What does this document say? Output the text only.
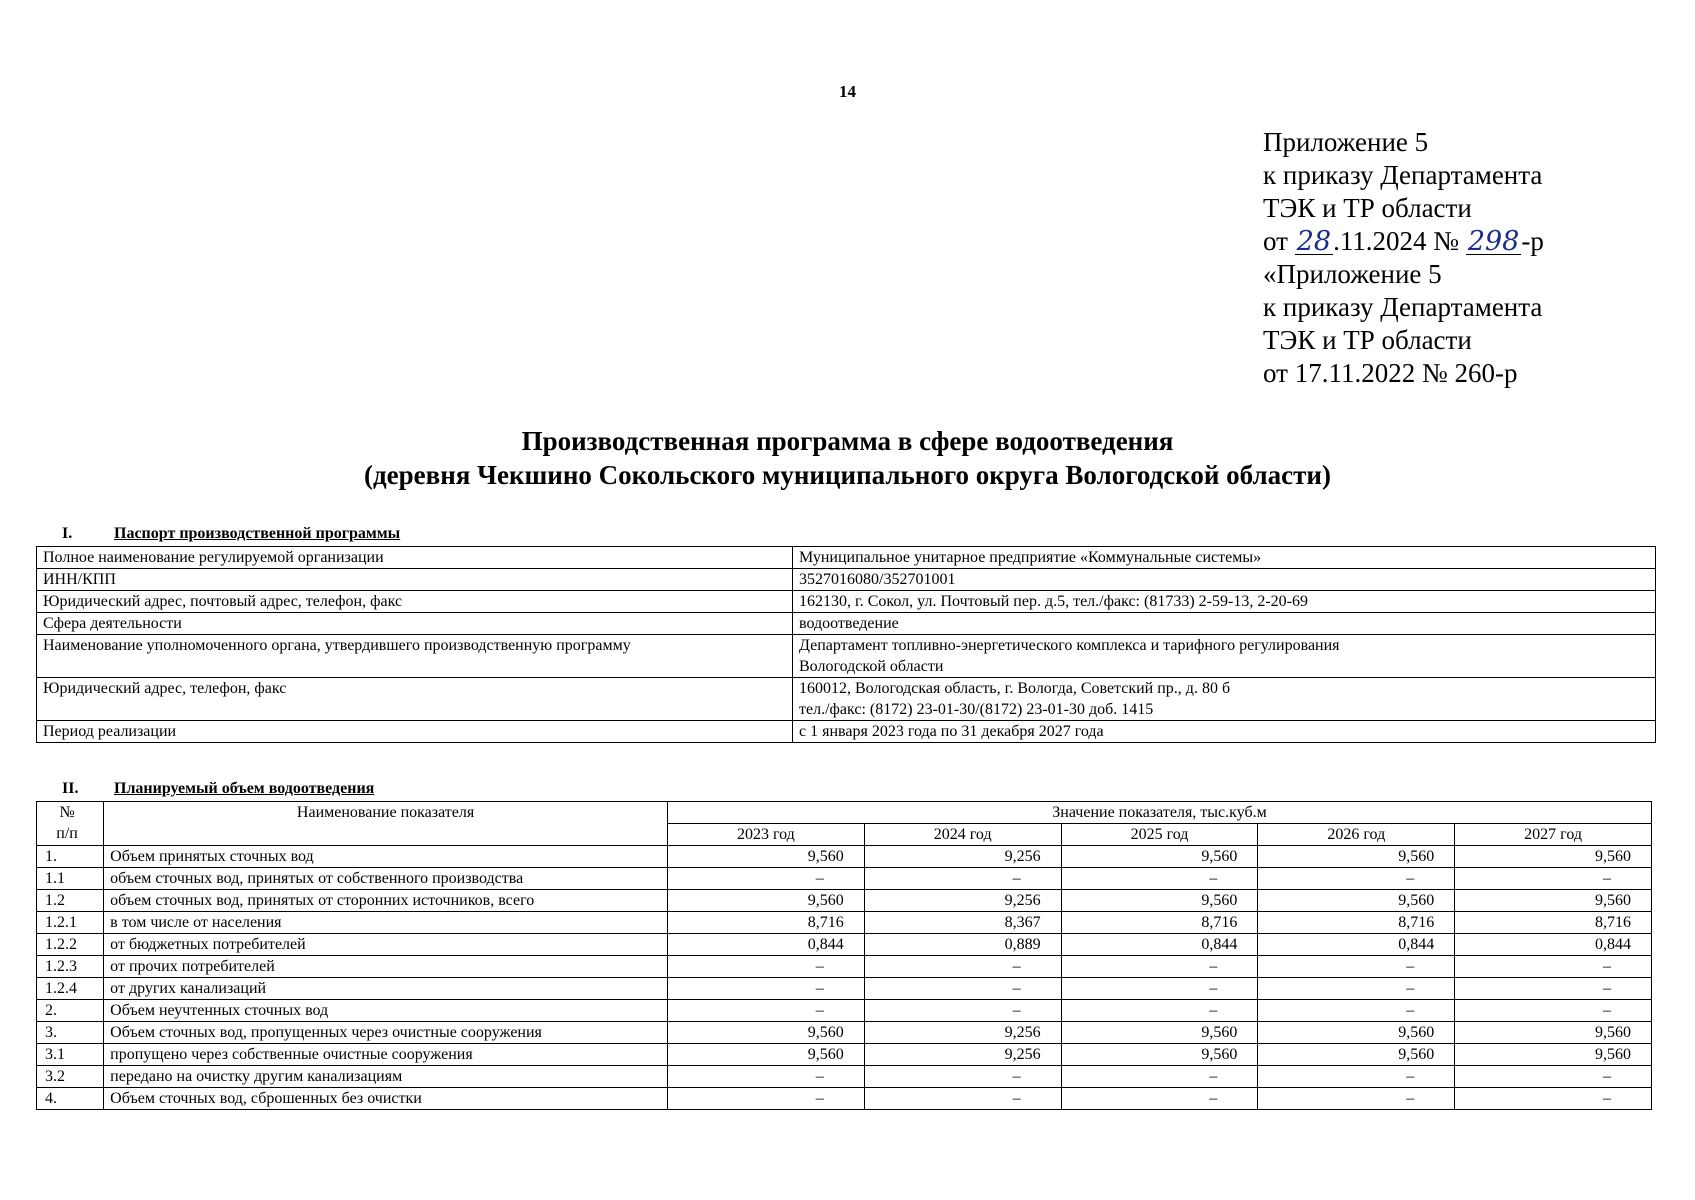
14
Приложение 5
к приказу Департамента
ТЭК и ТР области
от 28.11.2024 № 298-р
«Приложение 5
к приказу Департамента
ТЭК и ТР области
от 17.11.2022 № 260-р
Производственная программа в сфере водоотведения
(деревня Чекшино Сокольского муниципального округа Вологодской области)
I.	Паспорт производственной программы
Полное наименование регулируемой организации	Муниципальное унитарное предприятие «Коммунальные системы»

ИНН/КПП	3527016080/352701001

Юридический адрес, почтовый адрес, телефон, факс	162130, г. Сокол, ул. Почтовый пер. д.5, тел./факс: (81733) 2-59-13, 2-20-69

Сфера деятельности	водоотведение

Наименование уполномоченного органа, утвердившего производственную программу	Департамент топливно-энергетического комплекса и тарифного регулирования
Вологодской области

Юридический адрес, телефон, факс	160012, Вологодская область, г. Вологда, Советский пр., д. 80 б
тел./факс: (8172) 23-01-30/(8172) 23-01-30 доб. 1415

Период реализации	с 1 января 2023 года по 31 декабря 2027 года
II. Планируемый объем водоотведения
№
п/п	Наименование показателя	Значение показателя, тыс.куб.м				
		2023 год	2024 год	2025 год	2026 год	2027 год
1.	Объем принятых сточных вод	9,560	9,256	9,560	9,560	9,560
1.1	объем сточных вод, принятых от собственного производства	–	–	–	–	–
1.2	объем сточных вод, принятых от сторонних источников, всего	9,560	9,256	9,560	9,560	9,560
1.2.1	в том числе от населения	8,716	8,367	8,716	8,716	8,716
1.2.2	от бюджетных потребителей	0,844	0,889	0,844	0,844	0,844
1.2.3	от прочих потребителей	–	–	–	–	–
1.2.4	от других канализаций	–	–	–	–	–
2.	Объем неучтенных сточных вод	–	–	–	–	–
3.	Объем сточных вод, пропущенных через очистные сооружения	9,560	9,256	9,560	9,560	9,560
3.1	пропущено через собственные очистные сооружения	9,560	9,256	9,560	9,560	9,560
3.2	передано на очистку другим канализациям	–	–	–	–	–
4.	Объем сточных вод, сброшенных без очистки	–	–	–	–	–
